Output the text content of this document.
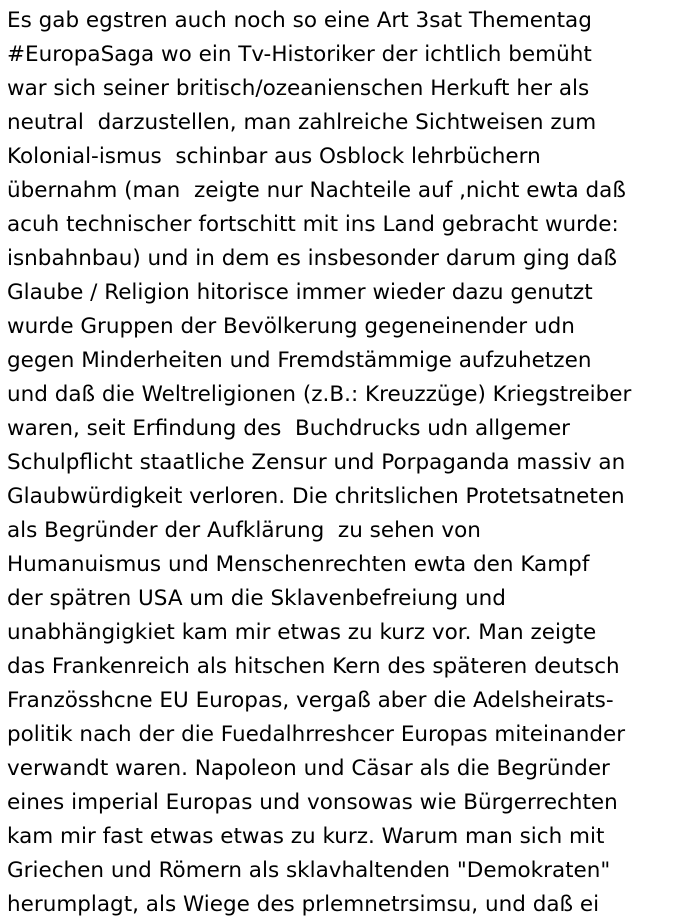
Es gab egstren auch noch so eine Art 3sat Thementag
#EuropaSaga wo ein Tv-Historiker der ichtlich bemüht
war sich seiner britisch/ozeanienschen Herkuft her als
neutral  darzustellen, man zahlreiche Sichtweisen zum
Kolonial-ismus  schinbar aus Osblock lehrbüchern
übernahm (man  zeigte nur Nachteile auf ,nicht ewta daß
acuh technischer fortschitt mit ins Land gebracht wurde:
isnbahnbau) und in dem es insbesonder darum ging daß
Glaube / Religion hitorisce immer wieder dazu genutzt
wurde Gruppen der Bevölkerung gegeneinender udn
gegen Minderheiten und Fremdstämmige aufzuhetzen
und daß die Weltreligionen (z.B.: Kreuzzüge) Kriegstreiber
waren, seit Erfindung des  Buchdrucks udn allgemer
Schulpflicht staatliche Zensur und Porpaganda massiv an
Glaubwürdigkeit verloren. Die chritslichen Protetsatneten
als Begründer der Aufklärung  zu sehen von
Humanuismus und Menschenrechten ewta den Kampf
der spätren USA um die Sklavenbefreiung und
unabhängigkiet kam mir etwas zu kurz vor. Man zeigte
das Frankenreich als hitschen Kern des späteren deutsch
Französshcne EU Europas, vergaß aber die Adelsheirats-
politik nach der die Fuedalhrreshcer Europas miteinander
verwandt waren. Napoleon und Cäsar als die Begründer
eines imperial Europas und vonsowas wie Bürgerrechten
kam mir fast etwas etwas zu kurz. Warum man sich mit
Griechen und Römern als sklavhaltenden "Demokraten"
herumplagt, als Wiege des prlemnetrsimsu, und daß ei
